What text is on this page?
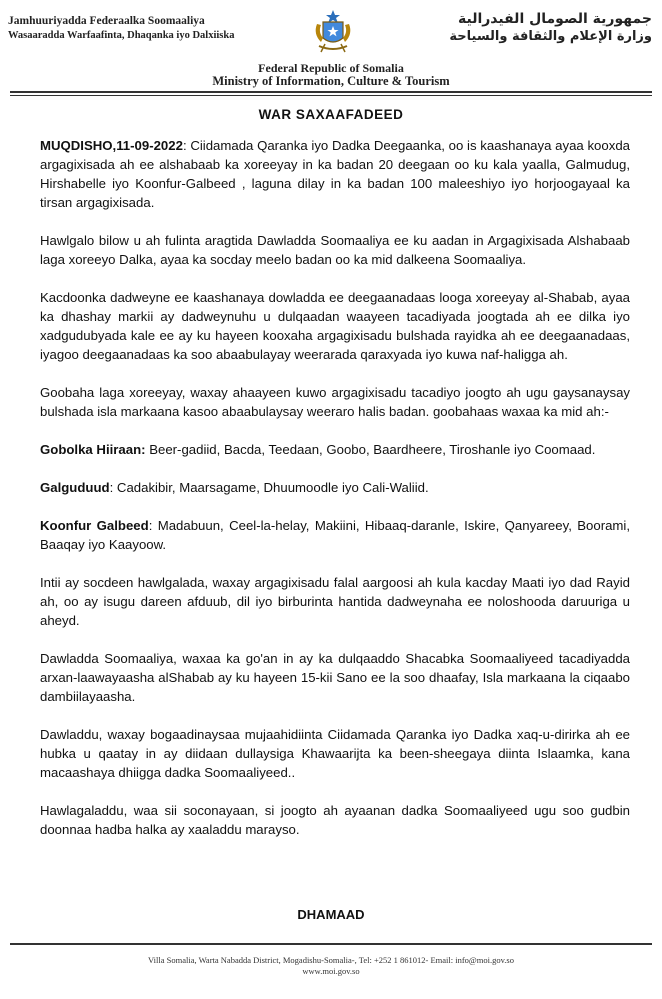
Jamhuuriyadda Federaalka Soomaaliya
Wasaaradda Warfaafinta, Dhaqanka iyo Dalxiiska
جمهورية الصومال الفيدرالية
وزارة الإعلام والثقافة والسياحة
Federal Republic of Somalia
Ministry of Information, Culture & Tourism
WAR SAXAAFADEED

MUQDISHO,11-09-2022: Ciidamada Qaranka iyo Dadka Deegaanka, oo is kaashanaya ayaa kooxda argagixisada ah ee alshabaab ka xoreeyay in ka badan 20 deegaan oo ku kala yaalla, Galmudug, Hirshabelle iyo Koonfur-Galbeed , laguna dilay in ka badan 100 maleeshiyo iyo horjoogayaal ka tirsan argagixisada.

Hawlgalo bilow u ah fulinta aragtida Dawladda Soomaaliya ee ku aadan in Argagixisada Alshabaab laga xoreeyo Dalka, ayaa ka socday meelo badan oo ka mid dalkeena Soomaaliya.

Kacdoonka dadweyne ee kaashanaya dowladda ee deegaanadaas looga xoreeyay al-Shabab, ayaa ka dhashay markii ay dadweynuhu u dulqaadan waayeen tacadiyada joogtada ah ee dilka iyo xadgudubyada kale ee ay ku hayeen kooxaha argagixisadu bulshada rayidka ah ee deegaanadaas, iyagoo deegaanadaas ka soo abaabulayay weerarada qaraxyada iyo kuwa naf-haligga ah.

Goobaha laga xoreeyay, waxay ahaayeen kuwo argagixisadu tacadiyo joogto ah ugu gaysanaysay bulshada isla markaana kasoo abaabulaysay weeraro halis badan. goobahaas waxaa ka mid ah:-

Gobolka Hiiraan: Beer-gadiid, Bacda, Teedaan, Goobo, Baardheere, Tiroshanle iyo Coomaad.

Galguduud: Cadakibir, Maarsagame, Dhuumoodle iyo Cali-Waliid.

Koonfur Galbeed: Madabuun, Ceel-la-helay, Makiini, Hibaaq-daranle, Iskire, Qanyareey, Boorami, Baaqay iyo Kaayoow.

Intii ay socdeen hawlgalada, waxay argagixisadu falal aargoosi ah kula kacday Maati iyo dad Rayid ah, oo ay isugu dareen afduub, dil iyo birburinta hantida dadweynaha ee noloshooda daruuriga u aheyd.

Dawladda Soomaaliya, waxaa ka go'an in ay ka dulqaaddo Shacabka Soomaaliyeed tacadiyadda arxan-laawayaasha alShabab ay ku hayeen 15-kii Sano ee la soo dhaafay, Isla markaana la ciqaabo dambiilayaasha.

Dawladdu, waxay bogaadinaysaa mujaahidiinta Ciidamada Qaranka iyo Dadka xaq-u-dirirka ah ee hubka u qaatay in ay diidaan dullaysiga Khawaarijta ka been-sheegaya diinta Islaamka, kana macaashaya dhiigga dadka Soomaaliyeed..

Hawlagaladdu, waa sii soconayaan, si joogto ah ayaanan dadka Soomaaliyeed ugu soo gudbin doonnaa hadba halka ay xaaladdu marayso.

DHAMAAD
Villa Somalia, Warta Nabadda District, Mogadishu-Somalia-, Tel: +252 1 861012- Email: info@moi.gov.so
www.moi.gov.so
